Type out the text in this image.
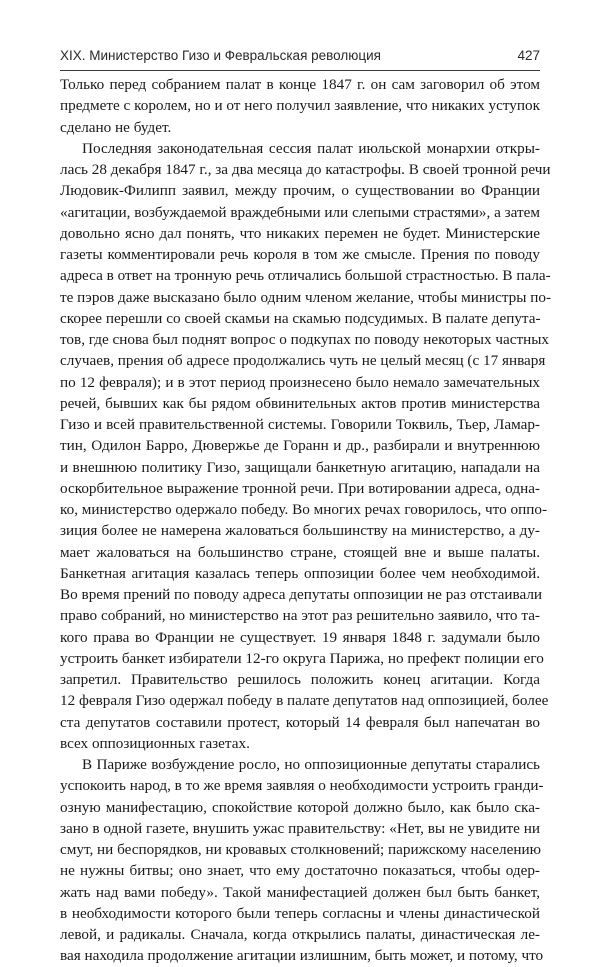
XIX. Министерство Гизо и Февральская революция	427
Только перед собранием палат в конце 1847 г. он сам заговорил об этом
предмете с королем, но и от него получил заявление, что никаких уступок
сделано не будет.
Последняя законодательная сессия палат июльской монархии откры-
лась 28 декабря 1847 г., за два месяца до катастрофы. В своей тронной речи
Людовик-Филипп заявил, между прочим, о существовании во Франции
«агитации, возбуждаемой враждебными или слепыми страстями», а затем
довольно ясно дал понять, что никаких перемен не будет. Министерские
газеты комментировали речь короля в том же смысле. Прения по поводу
адреса в ответ на тронную речь отличались большой страстностью. В пала-
те пэров даже высказано было одним членом желание, чтобы министры по-
скорее перешли со своей скамьи на скамью подсудимых. В палате депута-
тов, где снова был поднят вопрос о подкупах по поводу некоторых частных
случаев, прения об адресе продолжались чуть не целый месяц (с 17 января
по 12 февраля); и в этот период произнесено было немало замечательных
речей, бывших как бы рядом обвинительных актов против министерства
Гизо и всей правительственной системы. Говорили Токвиль, Тьер, Ламар-
тин, Одилон Барро, Дювержье де Горанн и др., разбирали и внутреннюю
и внешнюю политику Гизо, защищали банкетную агитацию, нападали на
оскорбительное выражение тронной речи. При вотировании адреса, одна-
ко, министерство одержало победу. Во многих речах говорилось, что оппо-
зиция более не намерена жаловаться большинству на министерство, а ду-
мает жаловаться на большинство стране, стоящей вне и выше палаты.
Банкетная агитация казалась теперь оппозиции более чем необходимой.
Во время прений по поводу адреса депутаты оппозиции не раз отстаивали
право собраний, но министерство на этот раз решительно заявило, что та-
кого права во Франции не существует. 19 января 1848 г. задумали было
устроить банкет избиратели 12-го округа Парижа, но префект полиции его
запретил. Правительство решилось положить конец агитации. Когда
12 февраля Гизо одержал победу в палате депутатов над оппозицией, более
ста депутатов составили протест, который 14 февраля был напечатан во
всех оппозиционных газетах.
В Париже возбуждение росло, но оппозиционные депутаты старались
успокоить народ, в то же время заявляя о необходимости устроить гранди-
озную манифестацию, спокойствие которой должно было, как было ска-
зано в одной газете, внушить ужас правительству: «Нет, вы не увидите ни
смут, ни беспорядков, ни кровавых столкновений; парижскому населению
не нужны битвы; оно знает, что ему достаточно показаться, чтобы одер-
жать над вами победу». Такой манифестацией должен был быть банкет,
в необходимости которого были теперь согласны и члены династической
левой, и радикалы. Сначала, когда открылись палаты, династическая ле-
вая находила продолжение агитации излишним, быть может, и потому, что
